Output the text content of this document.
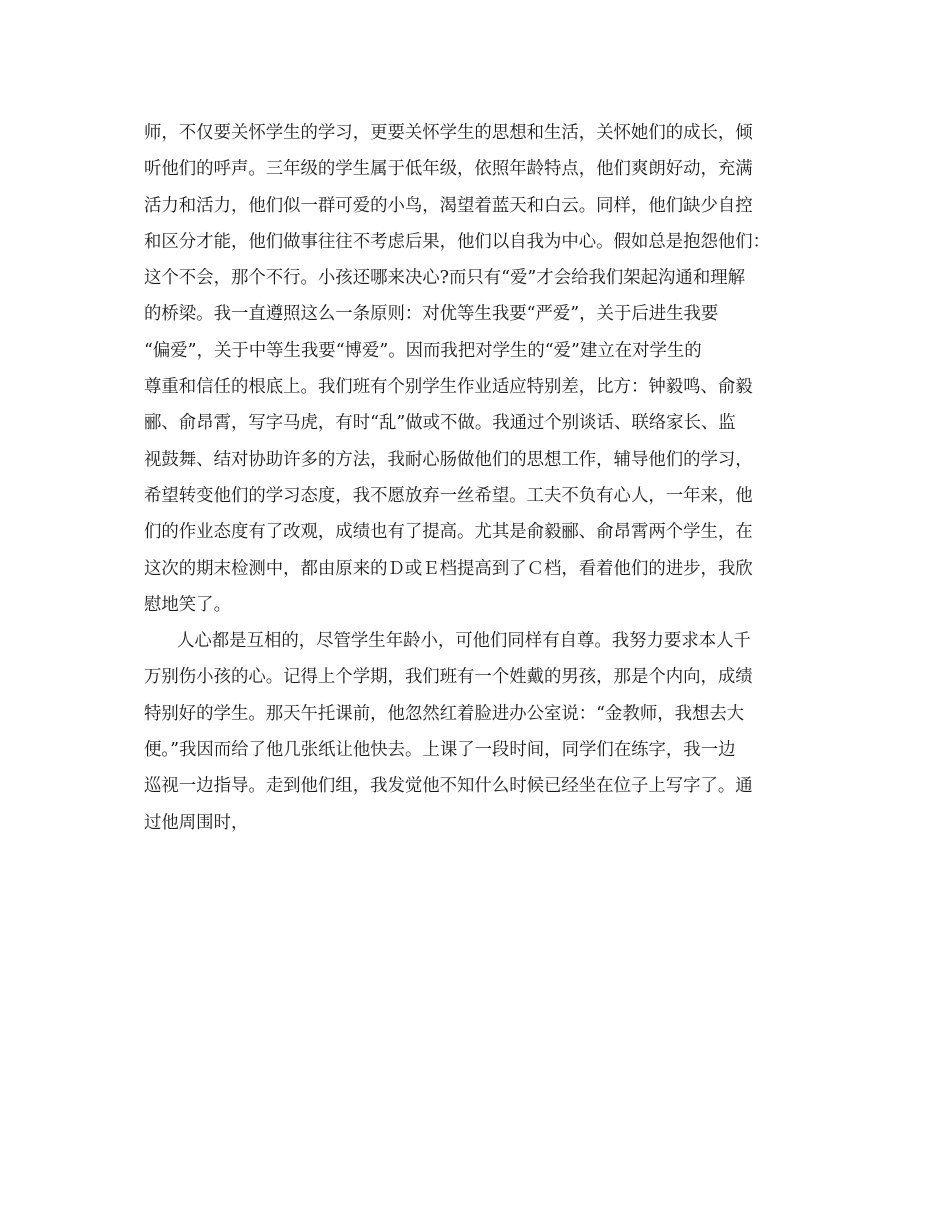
师，不仅要关怀学生的学习，更要关怀学生的思想和生活，关怀她们的成长，倾
听他们的呼声。三年级的学生属于低年级，依照年龄特点，他们爽朗好动，充满
活力和活力，他们似一群可爱的小鸟，渴望着蓝天和白云。同样，他们缺少自控
和区分才能，他们做事往往不考虑后果，他们以自我为中心。假如总是抱怨他们：
这个不会，那个不行。小孩还哪来决心?而只有“爱”才会给我们架起沟通和理解
的桥梁。我一直遵照这么一条原则：对优等生我要“严爱”，关于后进生我要
“偏爱”，关于中等生我要“博爱”。因而我把对学生的“爱”建立在对学生的
尊重和信任的根底上。我们班有个别学生作业适应特别差，比方：钟毅鸣、俞毅
郦、俞昂霄，写字马虎，有时“乱”做或不做。我通过个别谈话、联络家长、监
视鼓舞、结对协助许多的方法，我耐心肠做他们的思想工作，辅导他们的学习，
希望转变他们的学习态度，我不愿放弃一丝希望。工夫不负有心人，一年来，他
们的作业态度有了改观，成绩也有了提高。尤其是俞毅郦、俞昂霄两个学生，在
这次的期末检测中，都由原来的Ｄ或Ｅ档提高到了Ｃ档，看着他们的进步，我欣
慰地笑了。
人心都是互相的，尽管学生年龄小，可他们同样有自尊。我努力要求本人千
万别伤小孩的心。记得上个学期，我们班有一个姓戴的男孩，那是个内向，成绩
特别好的学生。那天午托课前，他忽然红着脸进办公室说：“金教师，我想去大
便。”我因而给了他几张纸让他快去。上课了一段时间，同学们在练字，我一边
巡视一边指导。走到他们组，我发觉他不知什么时候已经坐在位子上写字了。通
过他周围时，
